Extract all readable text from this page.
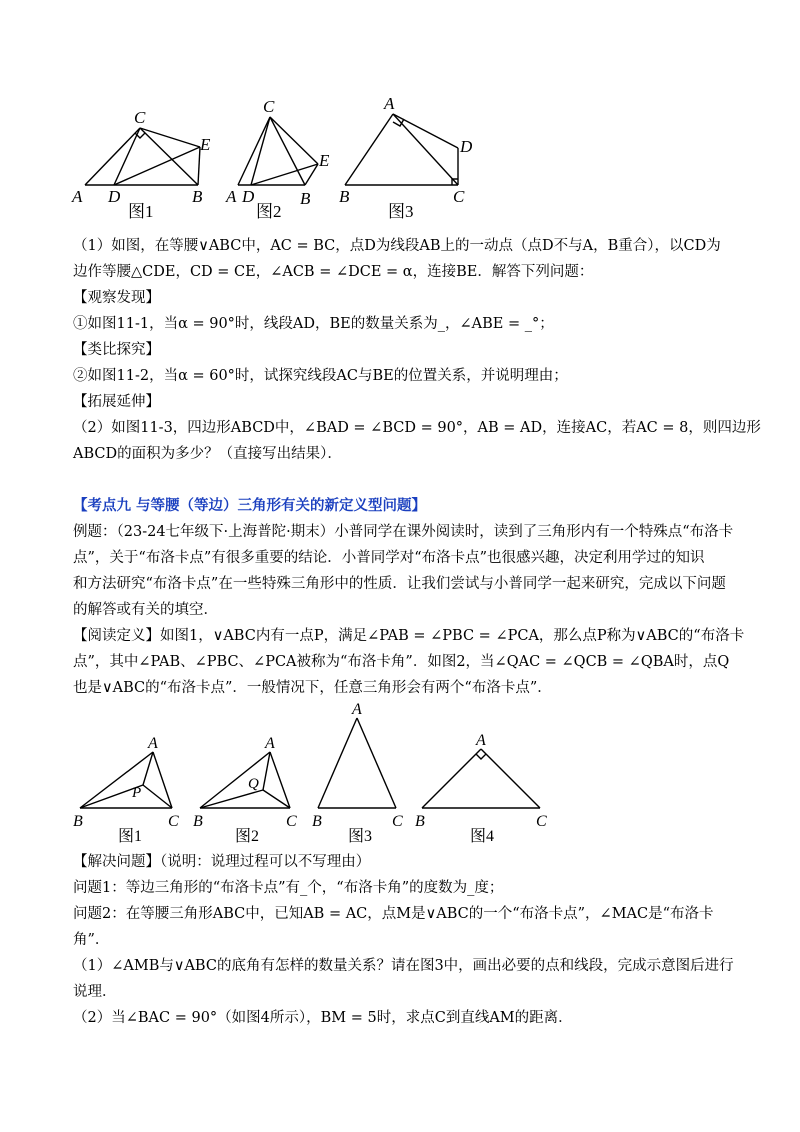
C
E
A D	B
图1
C
E
A D	B
图2
A
D
B	C
图3
（1）如图，在等腰∨ABC中，AC = BC，点D为线段AB上的一动点（点D不与A，B重合），以CD为
边作等腰△CDE，CD = CE，∠ACB = ∠DCE = α，连接BE．解答下列问题：
【观察发现】
①如图11-1，当α = 90°时，线段AD，BE的数量关系为_，∠ABE = _°；
【类比探究】
②如图11-2，当α = 60°时，试探究线段AC与BE的位置关系，并说明理由；
【拓展延伸】
（2）如图11-3，四边形ABCD中，∠BAD = ∠BCD = 90°，AB = AD，连接AC，若AC = 8，则四边形
ABCD的面积为多少？（直接写出结果）．
【考点九 与等腰（等边）三角形有关的新定义型问题】
例题：（23-24七年级下·上海普陀·期末）小普同学在课外阅读时，读到了三角形内有一个特殊点“布洛卡
点”，关于“布洛卡点”有很多重要的结论．小普同学对“布洛卡点”也很感兴趣，决定利用学过的知识
和方法研究“布洛卡点”在一些特殊三角形中的性质．让我们尝试与小普同学一起来研究，完成以下问题
的解答或有关的填空．
【阅读定义】如图1，∨ABC内有一点P，满足∠PAB = ∠PBC = ∠PCA，那么点P称为∨ABC的“布洛卡
点”，其中∠PAB、∠PBC、∠PCA被称为“布洛卡角”．如图2，当∠QAC = ∠QCB = ∠QBA时，点Q
也是∨ABC的“布洛卡点”．一般情况下，任意三角形会有两个“布洛卡点”．
A
P
B	C
图1
A
Q
B	C
图2
A
B	C
图3
A
B	C
图4
【解决问题】（说明：说理过程可以不写理由）
问题1：等边三角形的“布洛卡点”有_个，“布洛卡角”的度数为_度；
问题2：在等腰三角形ABC中，已知AB = AC，点M是∨ABC的一个“布洛卡点”，∠MAC是“布洛卡
角”．
（1）∠AMB与∨ABC的底角有怎样的数量关系？请在图3中，画出必要的点和线段，完成示意图后进行
说理．
（2）当∠BAC = 90°（如图4所示），BM = 5时，求点C到直线AM的距离．
